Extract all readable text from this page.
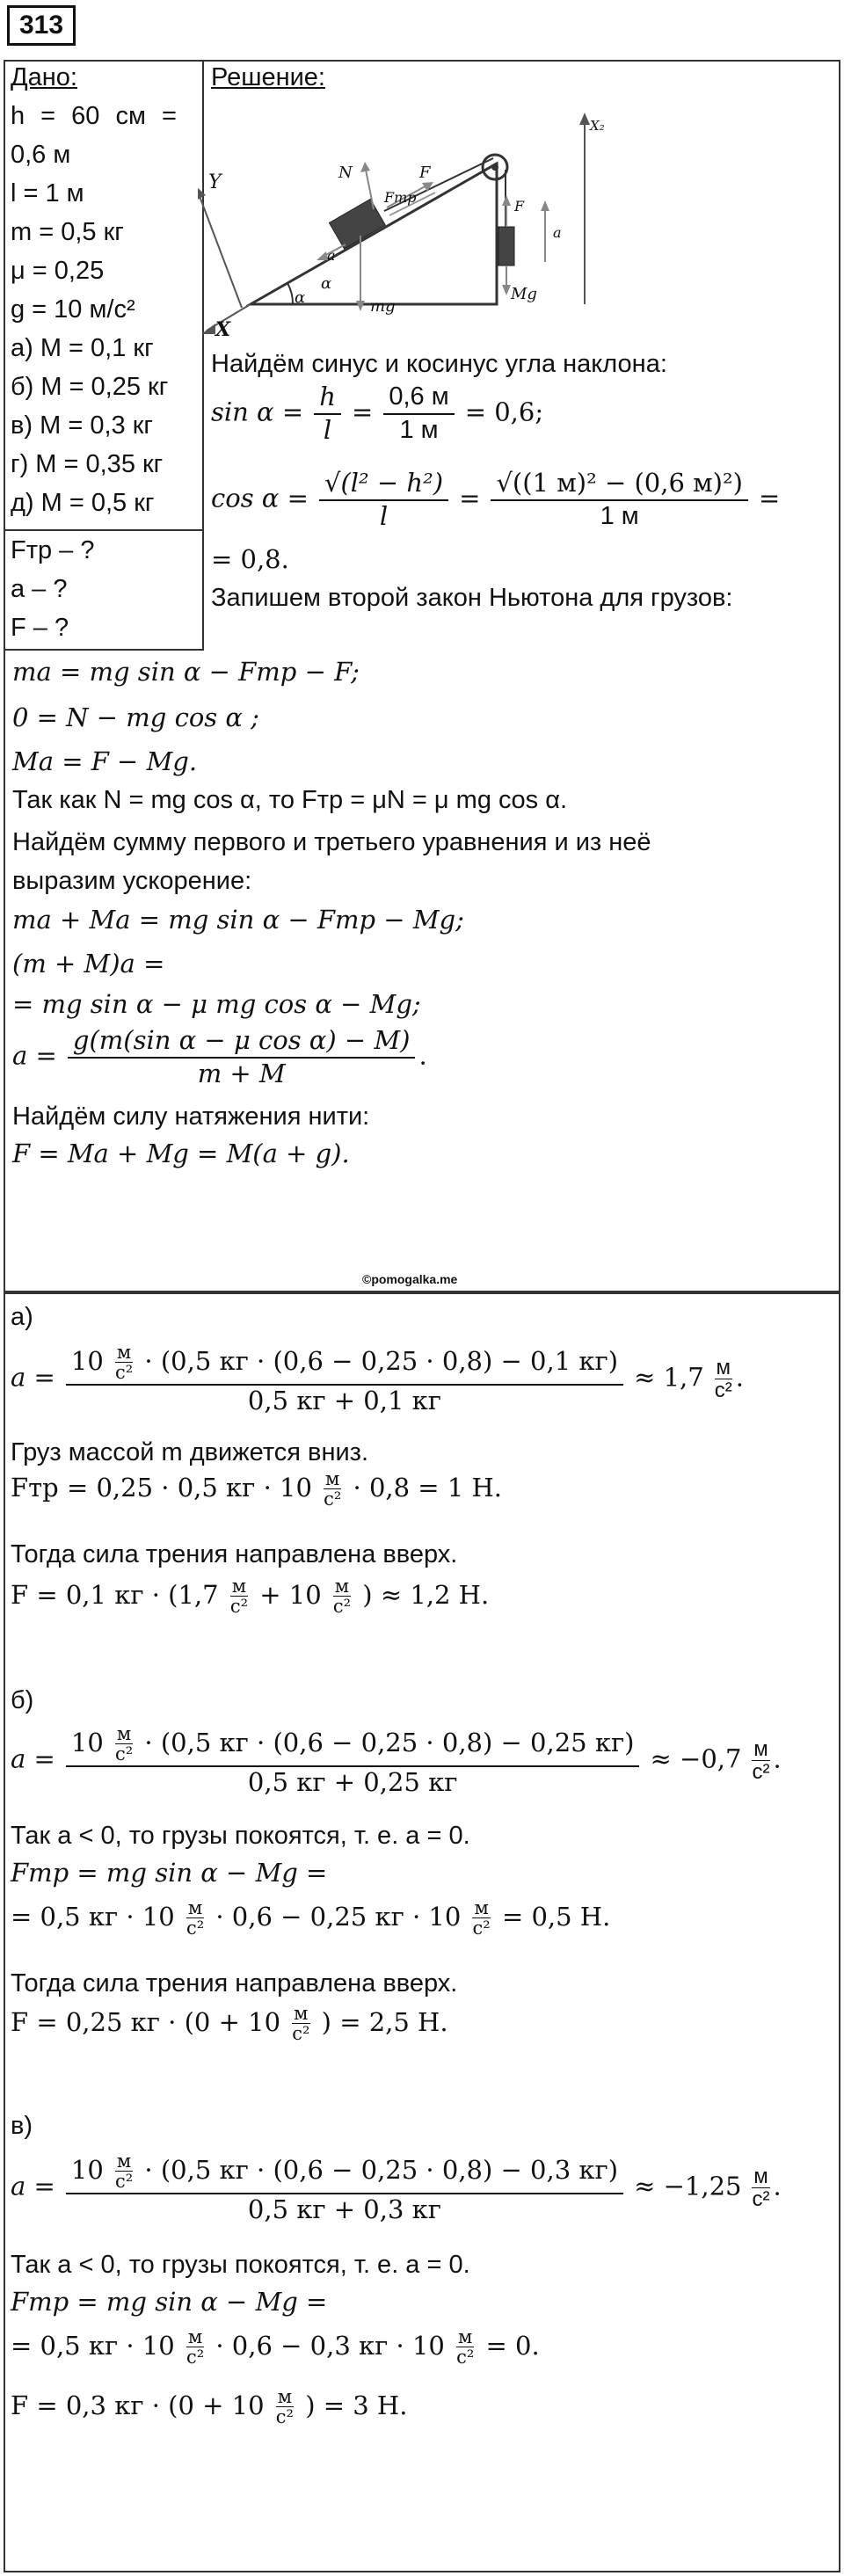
313
Дано:
h = 60 см =
0,6 м
l = 1 м
m = 0,5 кг
μ = 0,25
g = 10 м/с²
а) M = 0,1 кг
б) M = 0,25 кг
в) M = 0,3 кг
г) M = 0,35 кг
д) M = 0,5 кг
Fтр – ?
a – ?
F – ?
Решение:
Y
X
X₂
N
Fтр
F
F
a
a
α
α	mg
Mg
Найдём синус и косинус угла наклона:
$\sin \alpha = \frac{h}{l}$ =
0,6 м
1 м
= 0,6;
$\cos \alpha = \frac{\text{√(l² − h²)}}{l}$ =
√((1 м)² − (0,6 м)²)
1 м
=
= 0,8.
Запишем второй закон Ньютона для грузов:
ma = mg sin α − Fтр − F;
0 = N − mg cos α ;
Ma = F − Mg.
Так как N = mg cos α, то Fтр = μN = μ mg cos α.
Найдём сумму первого и третьего уравнения и из неё
выразим ускорение:
ma + Ma = mg sin α − Fтр − Mg;
(m + M)a =
= mg sin α − μ mg cos α − Mg;
$a = \frac{\text{g(m(sin α − μ cos α) − M)}}{m + M}$ .
Найдём силу натяжения нити:
F = Ma + Mg = M(a + g).
©pomogalka.me
а)
a =
10 м
с² · (0,5 кг · (0,6 − 0,25 · 0,8) − 0,1 кг)
0,5 кг + 0,1 кг
≈ 1,7 м
с² .
Груз массой m движется вниз.
Fтр = 0,25 · 0,5 кг · 10 м
с² · 0,8 = 1 Н.
Тогда сила трения направлена вверх.
F = 0,1 кг · (1,7 м
с² + 10 м
с² ) ≈ 1,2 Н.
б)
a =
10 м
с² · (0,5 кг · (0,6 − 0,25 · 0,8) − 0,25 кг)
0,5 кг + 0,25 кг
≈ −0,7 м
с² .
Так a < 0, то грузы покоятся, т. е. a = 0.
Fтр = mg sin α − Mg =
= 0,5 кг · 10 м
с² · 0,6 − 0,25 кг · 10 м
с² = 0,5 Н.
Тогда сила трения направлена вверх.
F = 0,25 кг · (0 + 10 м
с² ) = 2,5 Н.
в)
a =
10 м
с² · (0,5 кг · (0,6 − 0,25 · 0,8) − 0,3 кг)
0,5 кг + 0,3 кг
≈ −1,25 м
с² .
Так a < 0, то грузы покоятся, т. е. a = 0.
Fтр = mg sin α − Mg =
= 0,5 кг · 10 м
с² · 0,6 − 0,3 кг · 10 м
с² = 0.
F = 0,3 кг · (0 + 10 м
с² ) = 3 Н.
